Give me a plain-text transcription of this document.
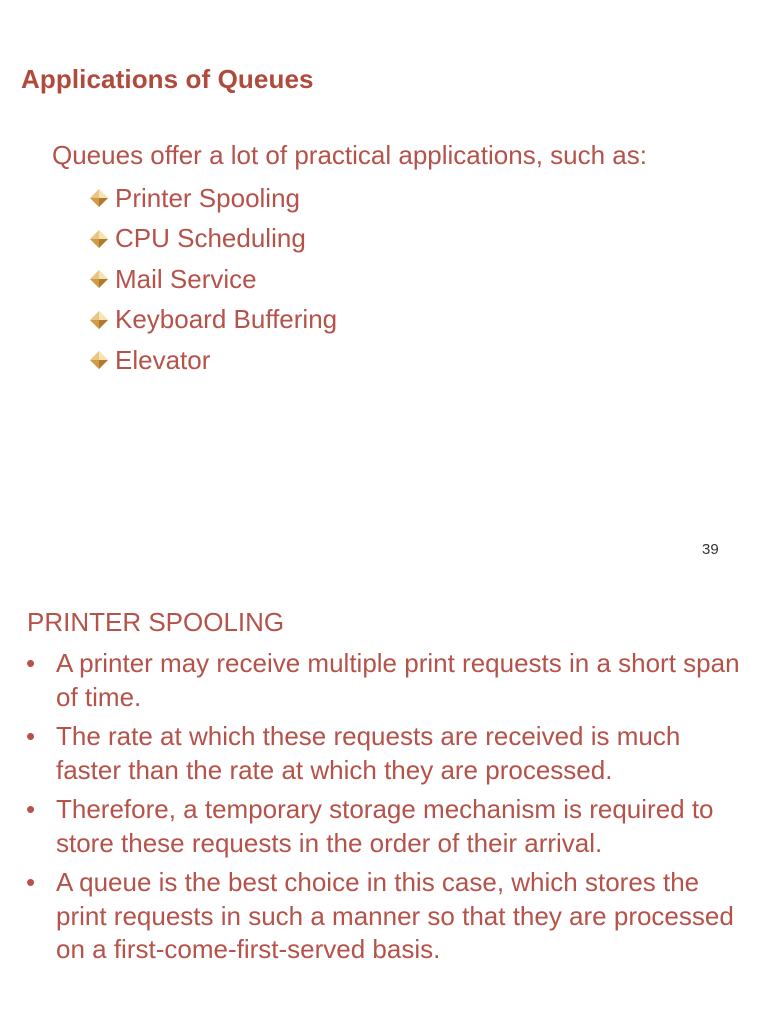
Applications of Queues

Queues offer a lot of practical applications, such as:

Printer Spooling
CPU Scheduling
Mail Service
Keyboard Buffering
Elevator
39
PRINTER SPOOLING
• A printer may receive multiple print requests in a short span of time.
• The rate at which these requests are received is much faster than the rate at which they are processed.
• Therefore, a temporary storage mechanism is required to store these requests in the order of their arrival.
• A queue is the best choice in this case, which stores the print requests in such a manner so that they are processed on a first-come-first-served basis.
